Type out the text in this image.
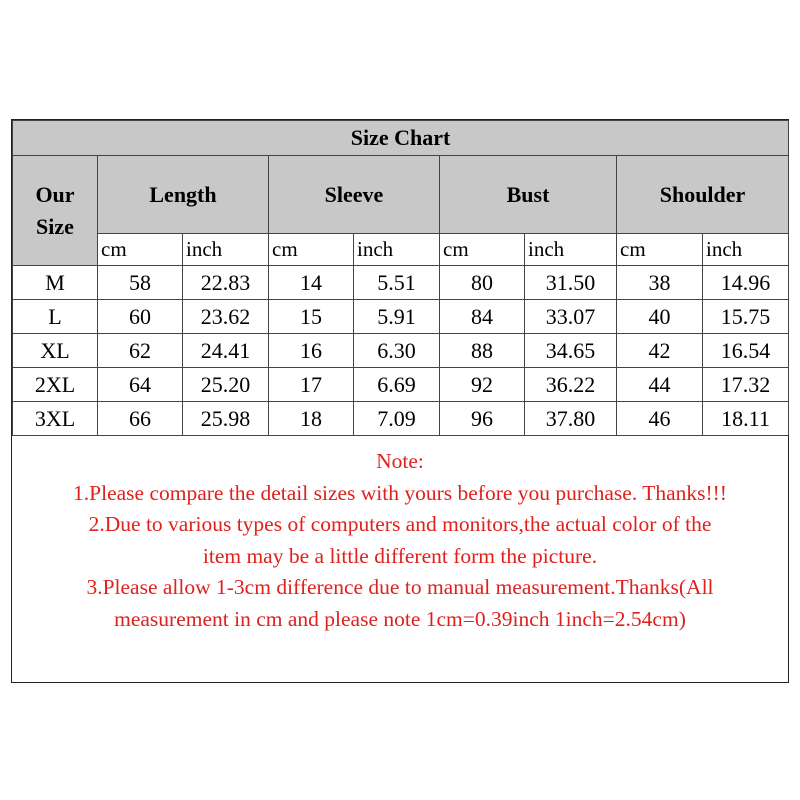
Size Chart								

Our
Size	Length		Sleeve		Bust		Shoulder	
	cm	inch	cm	inch	cm	inch	cm	inch
M	58	22.83	14	5.51	80	31.50	38	14.96
L	60	23.62	15	5.91	84	33.07	40	15.75
XL	62	24.41	16	6.30	88	34.65	42	16.54
2XL	64	25.20	17	6.69	92	36.22	44	17.32
3XL	66	25.98	18	7.09	96	37.80	46	18.11
Note:
1.Please compare the detail sizes with yours before you purchase. Thanks!!!
2.Due to various types of computers and monitors,the actual color of the
item may be a little different form the picture.
3.Please allow 1-3cm difference due to manual measurement.Thanks(All
measurement in cm and please note 1cm=0.39inch 1inch=2.54cm)
